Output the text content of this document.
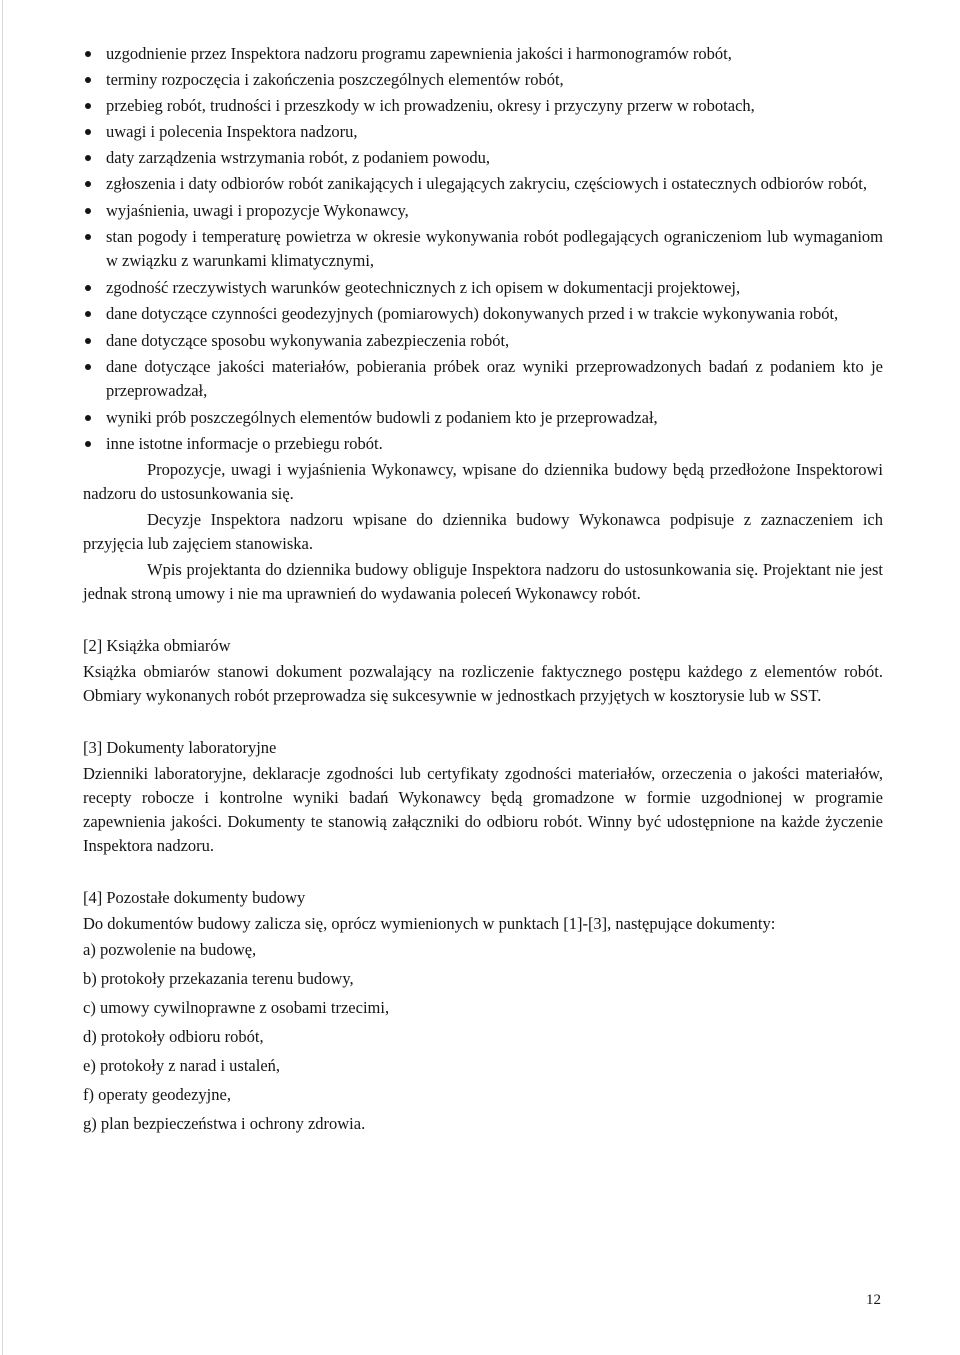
uzgodnienie przez Inspektora nadzoru programu zapewnienia jakości i harmonogramów robót,
terminy rozpoczęcia i zakończenia poszczególnych elementów robót,
przebieg robót, trudności i przeszkody w ich prowadzeniu, okresy i przyczyny przerw w robotach,
uwagi i polecenia Inspektora nadzoru,
daty zarządzenia wstrzymania robót, z podaniem powodu,
zgłoszenia i daty odbiorów robót zanikających i ulegających zakryciu, częściowych i ostatecznych odbiorów robót,
wyjaśnienia, uwagi i propozycje Wykonawcy,
stan pogody i temperaturę powietrza w okresie wykonywania robót podlegających ograniczeniom lub wymaganiom w związku z warunkami klimatycznymi,
zgodność rzeczywistych warunków geotechnicznych z ich opisem w dokumentacji projektowej,
dane dotyczące czynności geodezyjnych (pomiarowych) dokonywanych przed i w trakcie wykonywania robót,
dane dotyczące sposobu wykonywania zabezpieczenia robót,
dane dotyczące jakości materiałów, pobierania próbek oraz wyniki przeprowadzonych badań z podaniem kto je przeprowadzał,
wyniki prób poszczególnych elementów budowli z podaniem kto je przeprowadzał,
inne istotne informacje o przebiegu robót.

Propozycje, uwagi i wyjaśnienia Wykonawcy, wpisane do dziennika budowy będą przedłożone Inspektorowi nadzoru do ustosunkowania się.

Decyzje Inspektora nadzoru wpisane do dziennika budowy Wykonawca podpisuje z zaznaczeniem ich przyjęcia lub zajęciem stanowiska.

Wpis projektanta do dziennika budowy obliguje Inspektora nadzoru do ustosunkowania się. Projektant nie jest jednak stroną umowy i nie ma uprawnień do wydawania poleceń Wykonawcy robót.

[2] Książka obmiarów

Książka obmiarów stanowi dokument pozwalający na rozliczenie faktycznego postępu każdego z elementów robót. Obmiary wykonanych robót przeprowadza się sukcesywnie w jednostkach przyjętych w kosztorysie lub w SST.

[3] Dokumenty laboratoryjne

Dzienniki laboratoryjne, deklaracje zgodności lub certyfikaty zgodności materiałów, orzeczenia o jakości materiałów, recepty robocze i kontrolne wyniki badań Wykonawcy będą gromadzone w formie uzgodnionej w programie zapewnienia jakości. Dokumenty te stanowią załączniki do odbioru robót. Winny być udostępnione na każde życzenie Inspektora nadzoru.

[4] Pozostałe dokumenty budowy

Do dokumentów budowy zalicza się, oprócz wymienionych w punktach [1]-[3], następujące dokumenty:

a) pozwolenie na budowę,
b) protokoły przekazania terenu budowy,
c) umowy cywilnoprawne z osobami trzecimi,
d) protokoły odbioru robót,
e) protokoły z narad i ustaleń,
f) operaty geodezyjne,
g) plan bezpieczeństwa i ochrony zdrowia.
12
